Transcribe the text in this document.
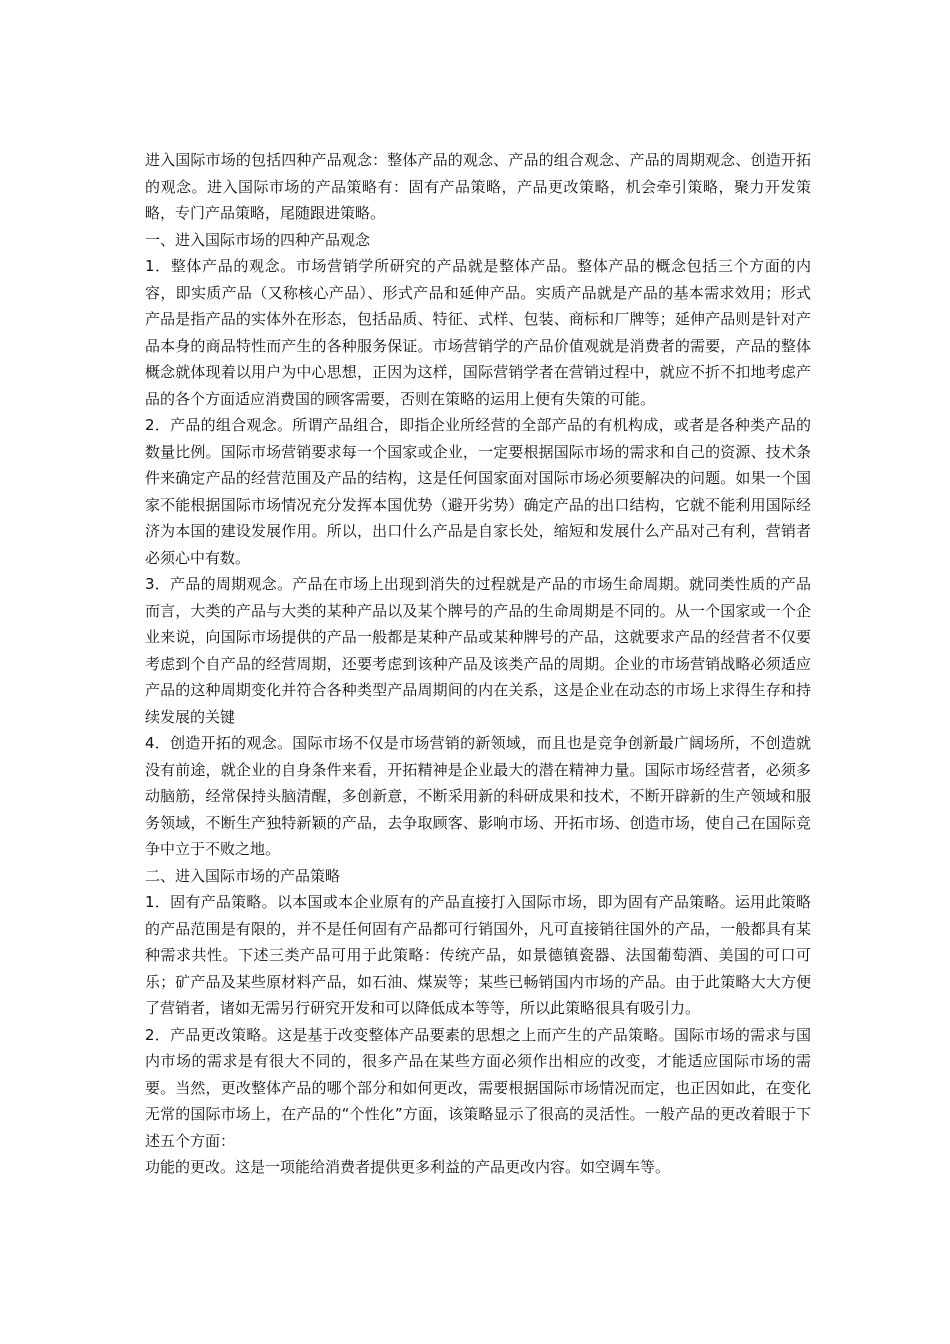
进入国际市场的包括四种产品观念：整体产品的观念、产品的组合观念、产品的周期观念、创造开拓的观念。进入国际市场的产品策略有：固有产品策略，产品更改策略，机会牵引策略，聚力开发策略，专门产品策略，尾随跟进策略。

一、进入国际市场的四种产品观念

1．整体产品的观念。市场营销学所研究的产品就是整体产品。整体产品的概念包括三个方面的内容，即实质产品（又称核心产品）、形式产品和延伸产品。实质产品就是产品的基本需求效用；形式产品是指产品的实体外在形态，包括品质、特征、式样、包装、商标和厂牌等；延伸产品则是针对产品本身的商品特性而产生的各种服务保证。市场营销学的产品价值观就是消费者的需要，产品的整体概念就体现着以用户为中心思想，正因为这样，国际营销学者在营销过程中，就应不折不扣地考虑产品的各个方面适应消费国的顾客需要，否则在策略的运用上便有失策的可能。

2．产品的组合观念。所谓产品组合，即指企业所经营的全部产品的有机构成，或者是各种类产品的数量比例。国际市场营销要求每一个国家或企业，一定要根据国际市场的需求和自己的资源、技术条件来确定产品的经营范围及产品的结构，这是任何国家面对国际市场必须要解决的问题。如果一个国家不能根据国际市场情况充分发挥本国优势（避开劣势）确定产品的出口结构，它就不能利用国际经济为本国的建设发展作用。所以，出口什么产品是自家长处，缩短和发展什么产品对己有利，营销者必须心中有数。

3．产品的周期观念。产品在市场上出现到消失的过程就是产品的市场生命周期。就同类性质的产品而言，大类的产品与大类的某种产品以及某个牌号的产品的生命周期是不同的。从一个国家或一个企业来说，向国际市场提供的产品一般都是某种产品或某种牌号的产品，这就要求产品的经营者不仅要考虑到个自产品的经营周期，还要考虑到该种产品及该类产品的周期。企业的市场营销战略必须适应产品的这种周期变化并符合各种类型产品周期间的内在关系，这是企业在动态的市场上求得生存和持续发展的关键

4．创造开拓的观念。国际市场不仅是市场营销的新领域，而且也是竞争创新最广阔场所，不创造就没有前途，就企业的自身条件来看，开拓精神是企业最大的潜在精神力量。国际市场经营者，必须多动脑筋，经常保持头脑清醒，多创新意，不断采用新的科研成果和技术，不断开辟新的生产领域和服务领域，不断生产独特新颖的产品，去争取顾客、影响市场、开拓市场、创造市场，使自己在国际竞争中立于不败之地。

二、进入国际市场的产品策略

1．固有产品策略。以本国或本企业原有的产品直接打入国际市场，即为固有产品策略。运用此策略的产品范围是有限的，并不是任何固有产品都可行销国外，凡可直接销往国外的产品，一般都具有某种需求共性。下述三类产品可用于此策略：传统产品，如景德镇瓷器、法国葡萄酒、美国的可口可乐；矿产品及某些原材料产品，如石油、煤炭等；某些已畅销国内市场的产品。由于此策略大大方便了营销者，诸如无需另行研究开发和可以降低成本等等，所以此策略很具有吸引力。

2．产品更改策略。这是基于改变整体产品要素的思想之上而产生的产品策略。国际市场的需求与国内市场的需求是有很大不同的，很多产品在某些方面必须作出相应的改变，才能适应国际市场的需要。当然，更改整体产品的哪个部分和如何更改，需要根据国际市场情况而定，也正因如此，在变化无常的国际市场上，在产品的“个性化”方面，该策略显示了很高的灵活性。一般产品的更改着眼于下述五个方面：

功能的更改。这是一项能给消费者提供更多利益的产品更改内容。如空调车等。
